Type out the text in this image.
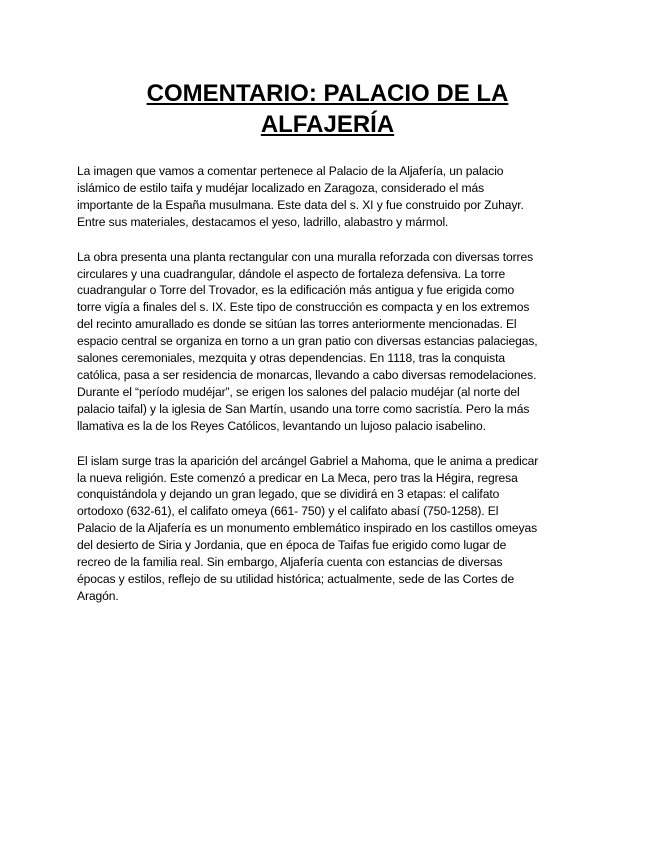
COMENTARIO: PALACIO DE LA
ALFAJERÍA

La imagen que vamos a comentar pertenece al Palacio de la Aljafería, un palacio
islámico de estilo taifa y mudéjar localizado en Zaragoza, considerado el más
importante de la España musulmana. Este data del s. XI y fue construido por Zuhayr.
Entre sus materiales, destacamos el yeso, ladrillo, alabastro y mármol.

La obra presenta una planta rectangular con una muralla reforzada con diversas torres
circulares y una cuadrangular, dándole el aspecto de fortaleza defensiva. La torre
cuadrangular o Torre del Trovador, es la edificación más antigua y fue erigida como
torre vigía a finales del s. IX. Este tipo de construcción es compacta y en los extremos
del recinto amurallado es donde se sitúan las torres anteriormente mencionadas. El
espacio central se organiza en torno a un gran patio con diversas estancias palaciegas,
salones ceremoniales, mezquita y otras dependencias. En 1118, tras la conquista
católica, pasa a ser residencia de monarcas, llevando a cabo diversas remodelaciones.
Durante el “período mudéjar”, se erigen los salones del palacio mudéjar (al norte del
palacio taifal) y la iglesia de San Martín, usando una torre como sacristía. Pero la más
llamativa es la de los Reyes Católicos, levantando un lujoso palacio isabelino.

El islam surge tras la aparición del arcángel Gabriel a Mahoma, que le anima a predicar
la nueva religión. Este comenzó a predicar en La Meca, pero tras la Hégira, regresa
conquistándola y dejando un gran legado, que se dividirá en 3 etapas: el califato
ortodoxo (632-61), el califato omeya (661- 750) y el califato abasí (750-1258). El
Palacio de la Aljafería es un monumento emblemático inspirado en los castillos omeyas
del desierto de Siria y Jordania, que en época de Taifas fue erigido como lugar de
recreo de la familia real. Sin embargo, Aljafería cuenta con estancias de diversas
épocas y estilos, reflejo de su utilidad histórica; actualmente, sede de las Cortes de
Aragón.
